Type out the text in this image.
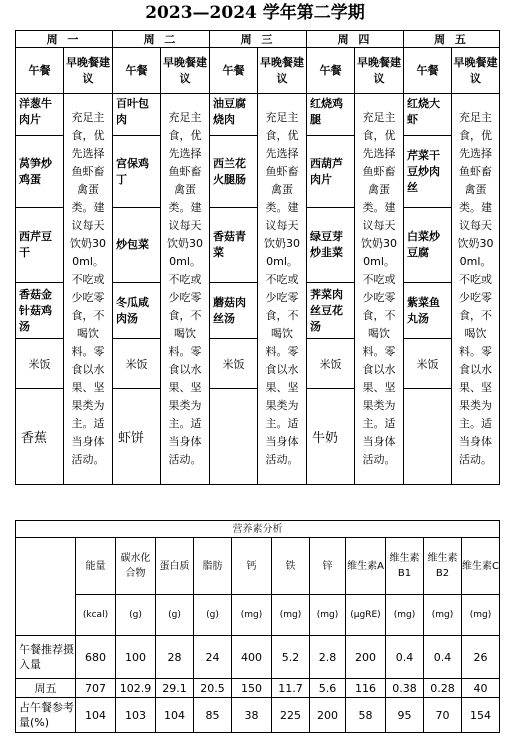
2023—2024 学年第二学期
周 一		周 二		周 三		周 四		周 五	
午餐	早晚餐建议	午餐	早晚餐建议	午餐	早晚餐建议	午餐	早晚餐建议	午餐	早晚餐建议
洋葱牛肉片	充足主食，优先选择鱼虾畜禽蛋类。建议每天饮奶300ml。不吃或少吃零食，不喝饮料。零食以水果、坚果类为主。适当身体活动。	百叶包肉	充足主食，优先选择鱼虾畜禽蛋类。建议每天饮奶300ml。不吃或少吃零食，不喝饮料。零食以水果、坚果类为主。适当身体活动。	油豆腐烧肉	充足主食，优先选择鱼虾畜禽蛋类。建议每天饮奶300ml。不吃或少吃零食，不喝饮料。零食以水果、坚果类为主。适当身体活动。	红烧鸡腿	充足主食，优先选择鱼虾畜禽蛋类。建议每天饮奶300ml。不吃或少吃零食，不喝饮料。零食以水果、坚果类为主。适当身体活动。	红烧大虾	充足主食，优先选择鱼虾畜禽蛋类。建议每天饮奶300ml。不吃或少吃零食，不喝饮料。零食以水果、坚果类为主。适当身体活动。
莴笋炒鸡蛋		宫保鸡丁		西兰花火腿肠		西葫芦肉片		芹菜干豆炒肉丝	
西芹豆干		炒包菜		香菇青菜		绿豆芽炒韭菜		白菜炒豆腐	
香菇金针菇鸡汤		冬瓜咸肉汤		蘑菇肉丝汤		荠菜肉丝豆花汤		紫菜鱼丸汤	
米饭		米饭		米饭		米饭		米饭	
香蕉		虾饼				牛奶			
营养素分析											
	能量	碳水化合物	蛋白质	脂肪	钙	铁	锌	维生素A	维生素B1	维生素B2	维生素C
	(kcal)	(g)	(g)	(g)	(mg)	(mg)	(mg)	(μgRE)	(mg)	(mg)	(mg)
午餐推荐摄入量	680	100	28	24	400	5.2	2.8	200	0.4	0.4	26
周五	707	102.9	29.1	20.5	150	11.7	5.6	116	0.38	0.28	40
占午餐参考量(%)	104	103	104	85	38	225	200	58	95	70	154
